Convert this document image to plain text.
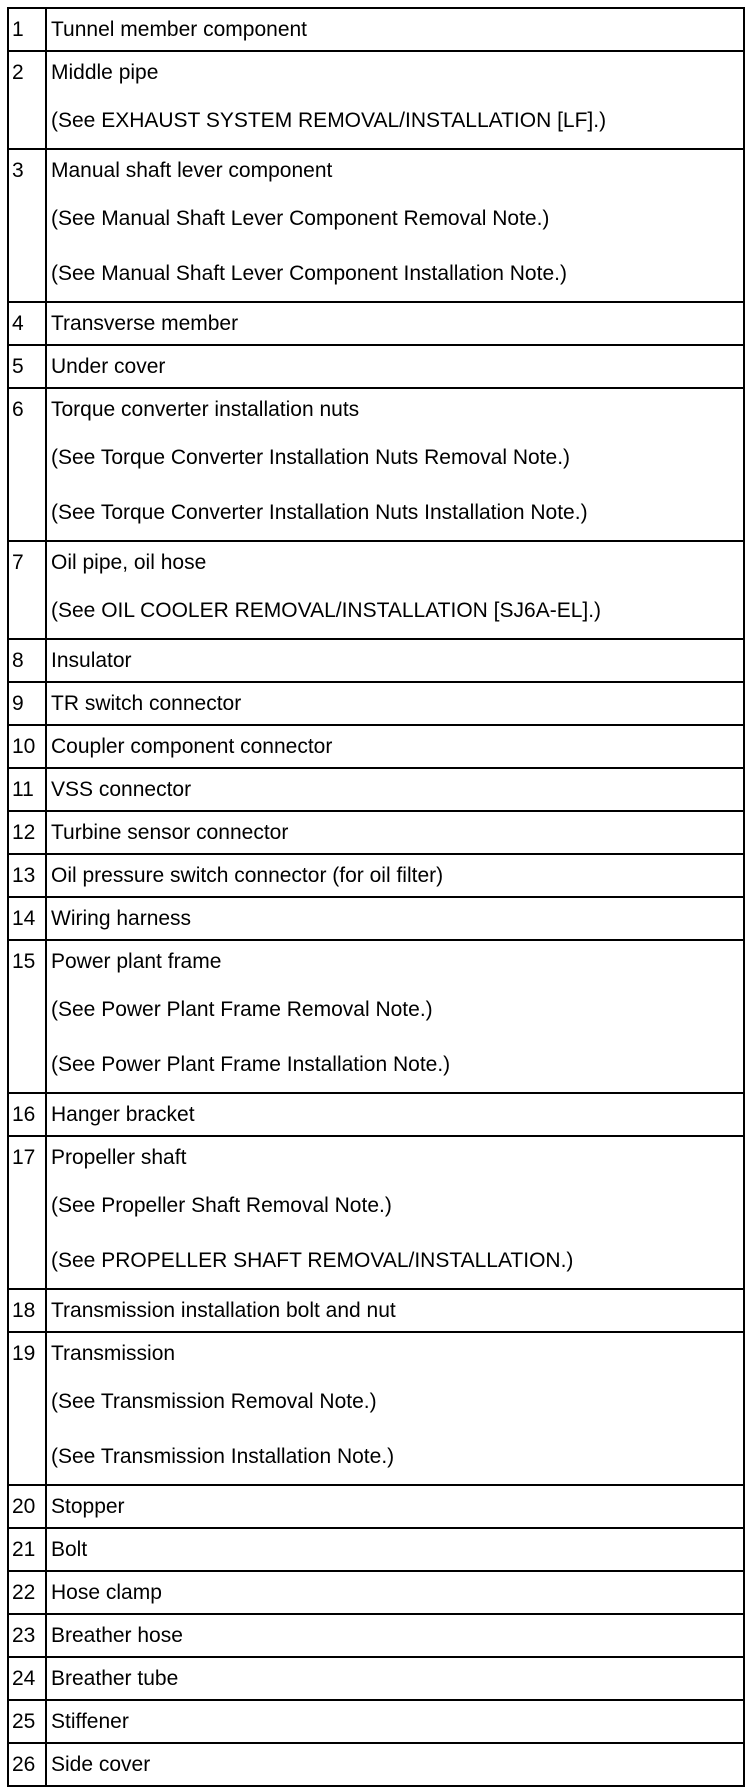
1	Tunnel member component

2	Middle pipe
(See EXHAUST SYSTEM REMOVAL/INSTALLATION [LF].)

3	Manual shaft lever component
(See Manual Shaft Lever Component Removal Note.)
(See Manual Shaft Lever Component Installation Note.)

4	Transverse member

5	Under cover

6	Torque converter installation nuts
(See Torque Converter Installation Nuts Removal Note.)
(See Torque Converter Installation Nuts Installation Note.)

7	Oil pipe, oil hose
(See OIL COOLER REMOVAL/INSTALLATION [SJ6A-EL].)

8	Insulator

9	TR switch connector

10	Coupler component connector

11	VSS connector

12	Turbine sensor connector

13	Oil pressure switch connector (for oil filter)

14	Wiring harness

15	Power plant frame
(See Power Plant Frame Removal Note.)
(See Power Plant Frame Installation Note.)

16	Hanger bracket

17	Propeller shaft
(See Propeller Shaft Removal Note.)
(See PROPELLER SHAFT REMOVAL/INSTALLATION.)

18	Transmission installation bolt and nut

19	Transmission
(See Transmission Removal Note.)
(See Transmission Installation Note.)

20	Stopper

21	Bolt

22	Hose clamp

23	Breather hose

24	Breather tube

25	Stiffener

26	Side cover
